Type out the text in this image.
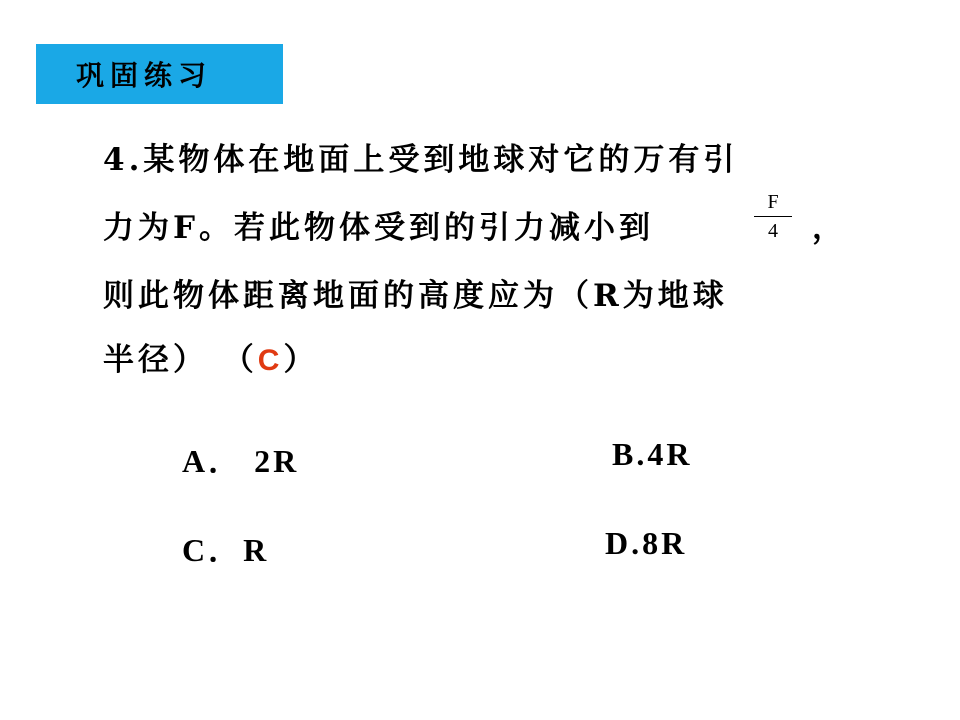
巩固练习
4.某物体在地面上受到地球对它的万有引
力为F。若此物体受到的引力减小到
F
4	，
则此物体距离地面的高度应为（R为地球
半径） （C）
A． 2R	B.4R
C．R	D.8R
